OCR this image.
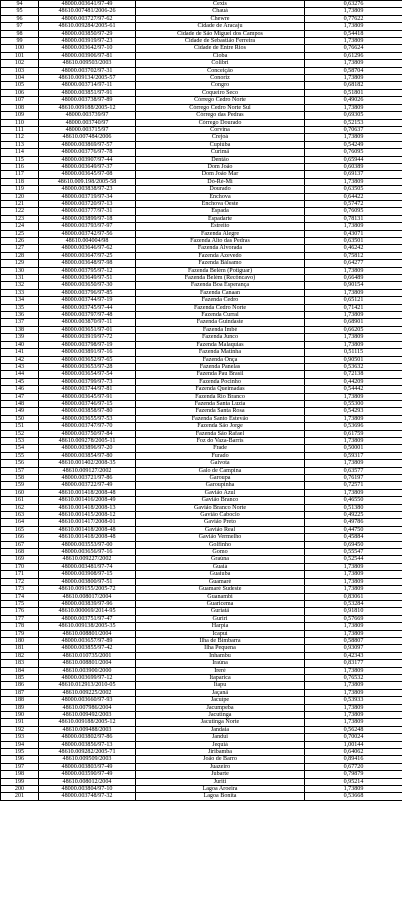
94	48000.003641/97-49	Cexis	0,63276
95	48610.007481/2006-26	Chauá	1,73809
96	48000.003727/97-62	Chewre	0,77622
97	48610.009284/2005-61	Cidade de Aracaju	1,73809
98	48000.003850/97-29	Cidade de São Miguel dos Campos	0,54418
99	48000.003919/97-23	Cidade de Sebastião Ferreira	1,73809
100	48000.003642/97-10	Cidade de Entre Rios	0,76624
101	48000.003906/97-81	Cioba	0,61296
102	48610.009503/2003	Colibri	1,73809
103	48000.003702/97-31	Conceição	0,58704
104	48610.009134/2005-57	Conoriz	1,73809
105	48000.003714/97-11	Congro	0,68182
106	48000.003851/97-91	Coqueiro Seco	0,51801
107	48000.003738/97-89	Córrego Cedro Norte	0,49026
108	48610.009188/2005-12	Córrego Cedro Norte Sul	1,73809
109	48000.003739/97	Córrego das Pedras	0,69305
110	48000.003740/97	Córrego Dourado	0,52153
111	48000.003715/97	Corvina	0,70637
112	48610.007484/2006	Crejoá	1,73809
113	48000.003869/97-57	Cupiúba	0,54249
114	48000.003776/97-78	Curimã	0,76095
115	48000.003907/97-44	Dentão	0,65944
116	48000.003649/97-37	Dom João	0,60389
117	48000.003645/97-08	Dom João Mar	0,69137
118	48610.009.198/2005-58	Dó-Ré-Mi	1,73809
119	48000.003838/97-23	Dourado	0,63505
120	48000.003719/97-34	Enchova	0,64422
121	48000.003720/97-13	Enchova Oeste	0,57472
122	48000.003777/97-31	Espada	0,76095
123	48000.003899/97-18	Espadarte	0,78131
124	48000.003793/97-97	Estreito	1,73809
125	48000.003742/97-56	Fazenda Alegre	0,43071
126	48610.004004/98	Fazenda Alto das Pedras	0,63501
127	48000.003646/97-62	Fazenda Alvorada	0,46242
128	48000.003647/97-25	Fazenda Azevedo	0,75812
129	48000.003648/97-98	Fazenda Bálsamo	0,64277
130	48000.003795/97-12	Fazenda Belém (Potiguar)	1,73809
131	48000.003649/97-51	Fazenda Belém (Recôncavo)	0,66489
132	48000.003650/97-30	Fazenda Boa Esperança	0,90154
133	48000.003796/97-85	Fazenda Canaan	1,73809
134	48000.003744/97-19	Fazenda Cedro	0,65121
135	48000.003745/97-44	Fazenda Cedro Norte	0,71421
136	48000.003797/97-48	Fazenda Curral	1,73809
137	48000.003870/97-11	Fazenda Guindaste	0,68901
138	48000.003651/97-01	Fazenda Imbé	0,66205
139	48000.003919/97-72	Fazenda Junco	1,73809
140	48000.003798/97-19	Fazenda Malaquias	1,73809
141	48000.003891/97-16	Fazenda Matinha	0,51115
142	48000.003652/97-65	Fazenda Onça	0,90501
143	48000.003653/97-28	Fazenda Panelas	0,53632
144	48000.003654/97-54	Fazenda Pau Brasil	0,72138
145	48000.003799/97-73	Fazenda Pocinho	0,44209
146	48000.003744/97-81	Fazenda Queimadas	0,54442
147	48000.003645/97-91	Fazenda Rio Branco	1,73809
148	48000.003746/97-15	Fazenda Santa Luzia	0,55300
149	48000.003858/97-80	Fazenda Santa Rosa	0,54293
150	48000.003655/97-53	Fazenda Santo Estevão	1,73809
151	48000.003747/97-70	Fazenda São Jorge	0,53696
152	48000.003750/97-84	Fazenda São Rafael	0,61759
153	48610.009278/2005-11	Foz do Vaza-Barris	1,73809
154	48000.003896/97-20	Frade	0,50001
155	48000.003854/97-80	Furado	0,59317
156	48610.001402/2008-35	Gaivota	1,73809
157	48610.009127/2002	Galo de Campina	0,63577
158	48000.003721/97-86	Garoupa	0,76197
159	48000.003722/97-49	Garoupinha	0,72571
160	48610.001418/2008-48	Gavião Azul	1,73809
161	48610.001416/2008-49	Gavião Branco	0,46550
162	48610.001418/2008-13	Gavião Branco Norte	0,51380
163	48610.001415/2008-12	Gavião Caboclo	0,49225
164	48610.001417/2008-01	Gavião Preto	0,49786
165	48610.001418/2008-48	Gavião Real	0,44750
166	48610.001418/2008-48	Gavião Vermelho	0,45884
167	48000.003553/97-00	Golfinho	0,69450
168	48000.003656/97-16	Gomo	0,55547
169	48610.009227/2002	Graúna	0,52544
170	48000.003481/97-74	Guaiá	1,73809
171	48000.003908/97-15	Guaiuba	1,73809
172	48000.003800/97-51	Guamaré	1,73809
173	48610.009155/2005-72	Guamaré Sudeste	1,73809
174	48610.008017/2004	Guanambi	0,83061
175	48000.003839/97-96	Guaricema	0,53284
176	48610.000069/2014-95	Guriatã	0,91810
177	48000.003751/97-47	Guriri	0,57669
178	48610.009138/2005-35	Harpia	1,73809
179	48610.008801/2004	Icapuí	1,73809
180	48000.003657/97-89	Ilha de Bimbarra	0,58807
181	48000.003855/97-42	Ilha Pequena	0,93097
182	48610.010735/2001	Inhambu	0,42343
183	48610.008801/2004	Iraúna	0,83177
184	48610.003900/2000	Ireré	1,73809
185	48000.003699/97-12	Itaparica	0,76532
186	48610.012913/2010-05	Itapu	1,73809
187	48610.009225/2002	Jaçanã	1,73809
188	48000.003660/97-93	Jacuípe	0,53933
189	48610.007986/2004	Jacumpeba	1,73809
190	48610.009492/2003	Jacutinga	1,73809
191	48610.009188/2005-12	Jacutinga Norte	1,73809
192	48610.009488/2003	Jandaia	0,56248
193	48000.003802/97-86	Jandui	0,70024
194	48000.003856/97-13	Jequiá	1,00144
195	48610.009282/2005-71	Jiribamba	0,64062
196	48610.009509/2003	João de Barro	0,89416
197	48000.003803/97-49	Juazeiro	0,67720
198	48000.003590/97-49	Jubarte	0,79879
199	48610.008012/2004	Juriti	0,95214
200	48000.003804/97-10	Lagoa Aroeira	1,73809
201	48000.003748/97-32	Lagoa Bonita	0,53668
